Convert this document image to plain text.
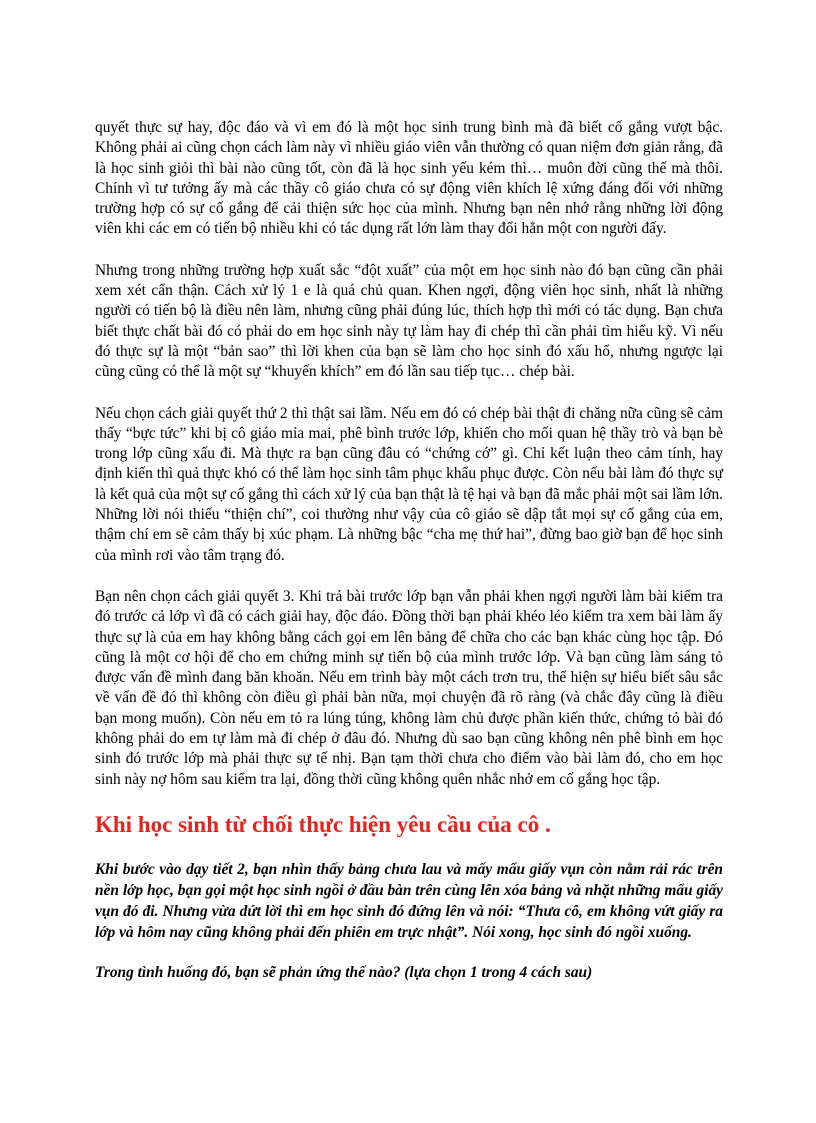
quyết thực sự hay, độc đáo và vì em đó là một học sinh trung bình mà đã biết cố gắng vượt bậc. Không phải ai cũng chọn cách làm này vì nhiều giáo viên vẫn thường có quan niệm đơn giản rằng, đã là học sinh giỏi thì bài nào cũng tốt, còn đã là học sinh yếu kém thì… muôn đời cũng thế mà thôi. Chính vì tư tưởng ấy mà các thầy cô giáo chưa có sự động viên khích lệ xứng đáng đối với những trường hợp có sự cố gắng để cải thiện sức học của mình. Nhưng bạn nên nhớ rằng những lời động viên khi các em có tiến bộ nhiều khi có tác dụng rất lớn làm thay đổi hẳn một con người đấy.

Nhưng trong những trường hợp xuất sắc “đột xuất” của một em học sinh nào đó bạn cũng cần phải xem xét cẩn thận. Cách xử lý 1 e là quá chủ quan. Khen ngợi, động viên học sinh, nhất là những người có tiến bộ là điều nên làm, nhưng cũng phải đúng lúc, thích hợp thì mới có tác dụng. Bạn chưa biết thực chất bài đó có phải do em học sinh này tự làm hay đi chép thì cần phải tìm hiểu kỹ. Vì nếu đó thực sự là một “bản sao” thì lời khen của bạn sẽ làm cho học sinh đó xấu hổ, nhưng ngược lại cũng cũng có thể là một sự “khuyến khích” em đó lần sau tiếp tục… chép bài.

Nếu chọn cách giải quyết thứ 2 thì thật sai lầm. Nếu em đó có chép bài thật đi chăng nữa cũng sẽ cảm thấy “bực tức” khi bị cô giáo mỉa mai, phê bình trước lớp, khiến cho mối quan hệ thầy trò và bạn bè trong lớp cũng xấu đi. Mà thực ra bạn cũng đâu có “chứng cớ” gì. Chỉ kết luận theo cảm tính, hay định kiến thì quả thực khó có thể làm học sinh tâm phục khẩu phục được. Còn nếu bài làm đó thực sự là kết quả của một sự cố gắng thì cách xử lý của bạn thật là tệ hại và bạn đã mắc phải một sai lầm lớn. Những lời nói thiếu “thiện chí”, coi thường như vậy của cô giáo sẽ dập tắt mọi sự cố gắng của em, thậm chí em sẽ cảm thấy bị xúc phạm. Là những bậc “cha mẹ thứ hai”, đừng bao giờ bạn để học sinh của mình rơi vào tâm trạng đó.

Bạn nên chọn cách giải quyết 3. Khi trả bài trước lớp bạn vẫn phải khen ngợi người làm bài kiểm tra đó trước cả lớp vì đã có cách giải hay, độc đáo. Đồng thời bạn phải khéo léo kiểm tra xem bài làm ấy thực sự là của em hay không bằng cách gọi em lên bảng để chữa cho các bạn khác cùng học tập. Đó cũng là một cơ hội để cho em chứng minh sự tiến bộ của mình trước lớp. Và bạn cũng làm sáng tỏ được vấn đề mình đang băn khoăn. Nếu em trình bày một cách trơn tru, thể hiện sự hiểu biết sâu sắc về vấn đề đó thì không còn điều gì phải bàn nữa, mọi chuyện đã rõ ràng (và chắc đây cũng là điều bạn mong muốn). Còn nếu em tỏ ra lúng túng, không làm chủ được phần kiến thức, chứng tỏ bài đó không phải do em tự làm mà đi chép ở đâu đó. Nhưng dù sao bạn cũng không nên phê bình em học sinh đó trước lớp mà phải thực sự tế nhị. Bạn tạm thời chưa cho điểm vào bài làm đó, cho em học sinh này nợ hôm sau kiểm tra lại, đồng thời cũng không quên nhắc nhở em cố gắng học tập.

Khi học sinh từ chối thực hiện yêu cầu của cô .

Khi bước vào dạy tiết 2, bạn nhìn thấy bảng chưa lau và mấy mẩu giấy vụn còn nằm rải rác trên nền lớp học, bạn gọi một học sinh ngồi ở đầu bàn trên cùng lên xóa bảng và nhặt những mẩu giấy vụn đó đi. Nhưng vừa dứt lời thì em học sinh đó đứng lên và nói: “Thưa cô, em không vứt giấy ra lớp và hôm nay cũng không phải đến phiên em trực nhật”. Nói xong, học sinh đó ngồi xuống.

Trong tình huống đó, bạn sẽ phản ứng thế nào? (lựa chọn 1 trong 4 cách sau)
